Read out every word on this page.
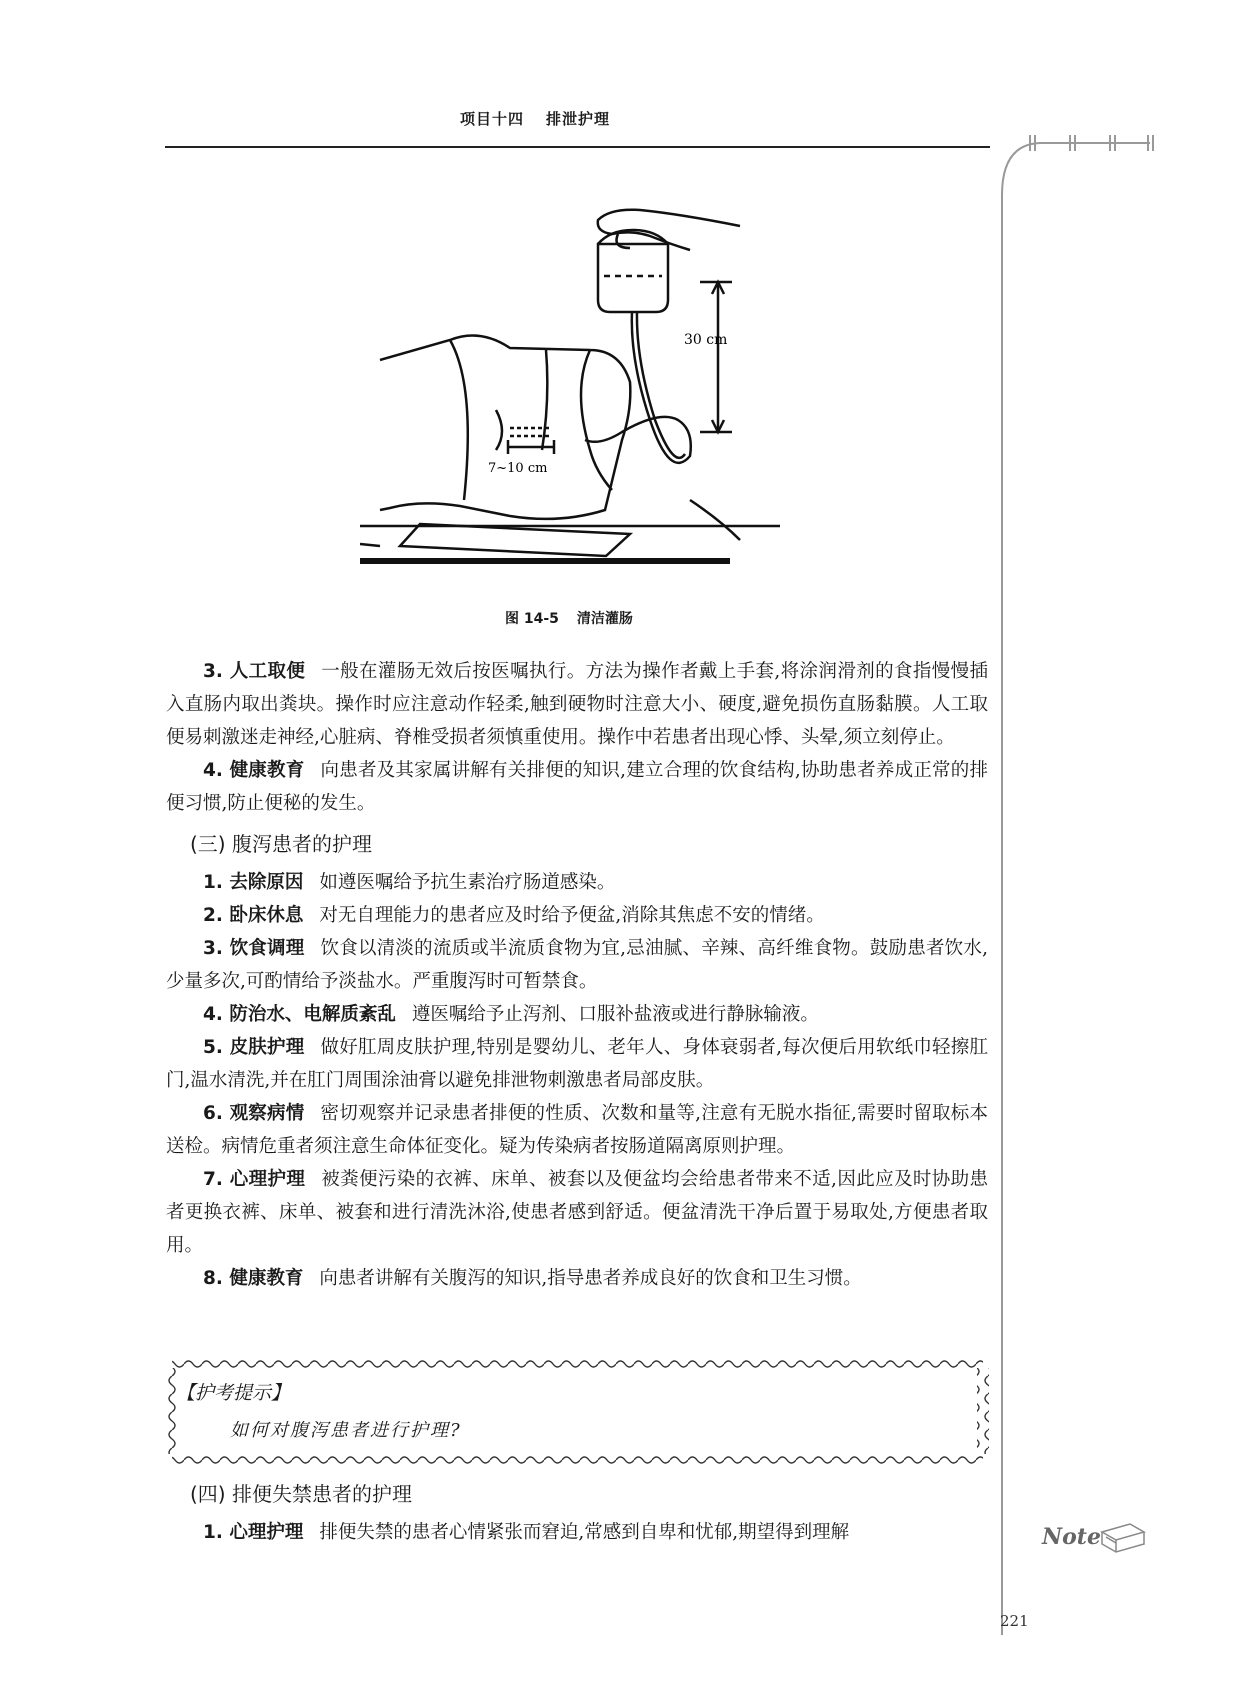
项目十四 排泄护理
30 cm
7~10 cm
图 14-5 清洁灌肠

3. 人工取便 一般在灌肠无效后按医嘱执行。方法为操作者戴上手套,将涂润滑剂的食指慢慢插入直肠内取出粪块。操作时应注意动作轻柔,触到硬物时注意大小、硬度,避免损伤直肠黏膜。人工取便易刺激迷走神经,心脏病、脊椎受损者须慎重使用。操作中若患者出现心悸、头晕,须立刻停止。

4. 健康教育 向患者及其家属讲解有关排便的知识,建立合理的饮食结构,协助患者养成正常的排便习惯,防止便秘的发生。

(三) 腹泻患者的护理

1. 去除原因 如遵医嘱给予抗生素治疗肠道感染。

2. 卧床休息 对无自理能力的患者应及时给予便盆,消除其焦虑不安的情绪。

3. 饮食调理 饮食以清淡的流质或半流质食物为宜,忌油腻、辛辣、高纤维食物。鼓励患者饮水,少量多次,可酌情给予淡盐水。严重腹泻时可暂禁食。

4. 防治水、电解质紊乱 遵医嘱给予止泻剂、口服补盐液或进行静脉输液。

5. 皮肤护理 做好肛周皮肤护理,特别是婴幼儿、老年人、身体衰弱者,每次便后用软纸巾轻擦肛门,温水清洗,并在肛门周围涂油膏以避免排泄物刺激患者局部皮肤。

6. 观察病情 密切观察并记录患者排便的性质、次数和量等,注意有无脱水指征,需要时留取标本送检。病情危重者须注意生命体征变化。疑为传染病者按肠道隔离原则护理。

7. 心理护理 被粪便污染的衣裤、床单、被套以及便盆均会给患者带来不适,因此应及时协助患者更换衣裤、床单、被套和进行清洗沐浴,使患者感到舒适。便盆清洗干净后置于易取处,方便患者取用。

8. 健康教育 向患者讲解有关腹泻的知识,指导患者养成良好的饮食和卫生习惯。

【护考提示】
如何对腹泻患者进行护理?
(四) 排便失禁患者的护理

1. 心理护理 排便失禁的患者心情紧张而窘迫,常感到自卑和忧郁,期望得到理解	Note
221
